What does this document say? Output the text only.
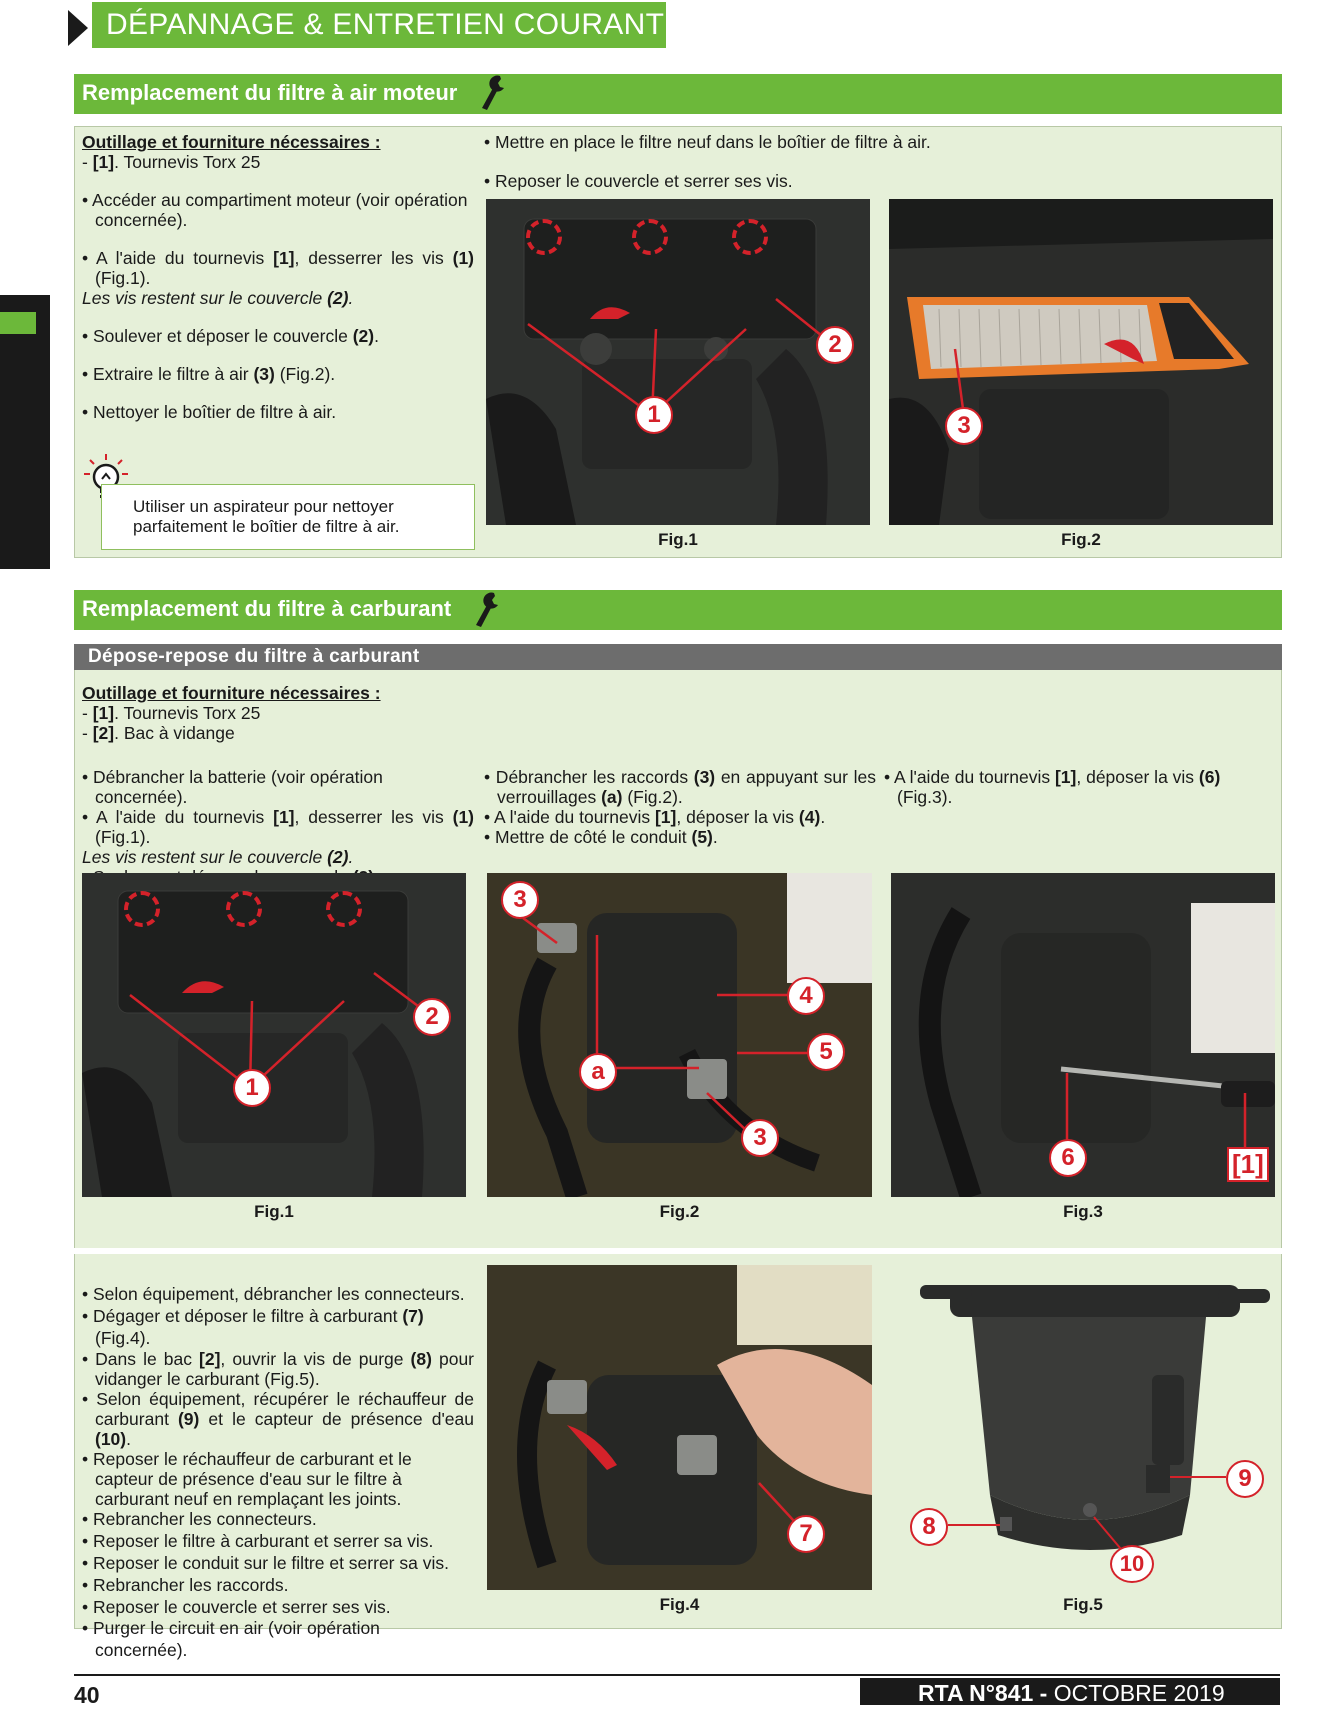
DÉPANNAGE & ENTRETIEN COURANT
Remplacement du filtre à air moteur
Outillage et fourniture nécessaires :
- [1]. Tournevis Torx 25
• Accéder au compartiment moteur (voir opération concernée).
• A l'aide du tournevis [1], desserrer les vis (1) (Fig.1).
Les vis restent sur le couvercle (2).
• Soulever et déposer le couvercle (2).
• Extraire le filtre à air (3) (Fig.2).
• Nettoyer le boîtier de filtre à air.
Utiliser un aspirateur pour nettoyer parfaitement le boîtier de filtre à air.
• Mettre en place le filtre neuf dans le boîtier de filtre à air.
• Reposer le couvercle et serrer ses vis.
1
2
Fig.1
3
Fig.2
Remplacement du filtre à carburant
Dépose-repose du filtre à carburant
Outillage et fourniture nécessaires :
- [1]. Tournevis Torx 25
- [2]. Bac à vidange
• Débrancher la batterie (voir opération concernée).
• A l'aide du tournevis [1], desserrer les vis (1) (Fig.1).
Les vis restent sur le couvercle (2).
• Débrancher les raccords (3) en appuyant sur les verrouillages (a) (Fig.2).
• A l'aide du tournevis [1], déposer la vis (4).
• Mettre de côté le conduit (5).
• A l'aide du tournevis [1], déposer la vis (6) (Fig.3).
1
2
Fig.1
3
4
5
a
3
Fig.2
6	[1]
Fig.3
• Selon équipement, débrancher les connecteurs.
• Dégager et déposer le filtre à carburant (7) (Fig.4).
• Dans le bac [2], ouvrir la vis de purge (8) pour vidanger le carburant (Fig.5).
• Selon équipement, récupérer le réchauffeur de carburant (9) et le capteur de présence d'eau (10).
• Reposer le réchauffeur de carburant et le capteur de présence d'eau sur le filtre à carburant neuf en remplaçant les joints.
• Rebrancher les connecteurs.
• Reposer le filtre à carburant et serrer sa vis.
• Reposer le conduit sur le filtre et serrer sa vis.
• Rebrancher les raccords.
• Reposer le couvercle et serrer ses vis.
• Purger le circuit en air (voir opération concernée).
7
Fig.4
8
9
10
Fig.5
40	RTA N°841 - OCTOBRE 2019
